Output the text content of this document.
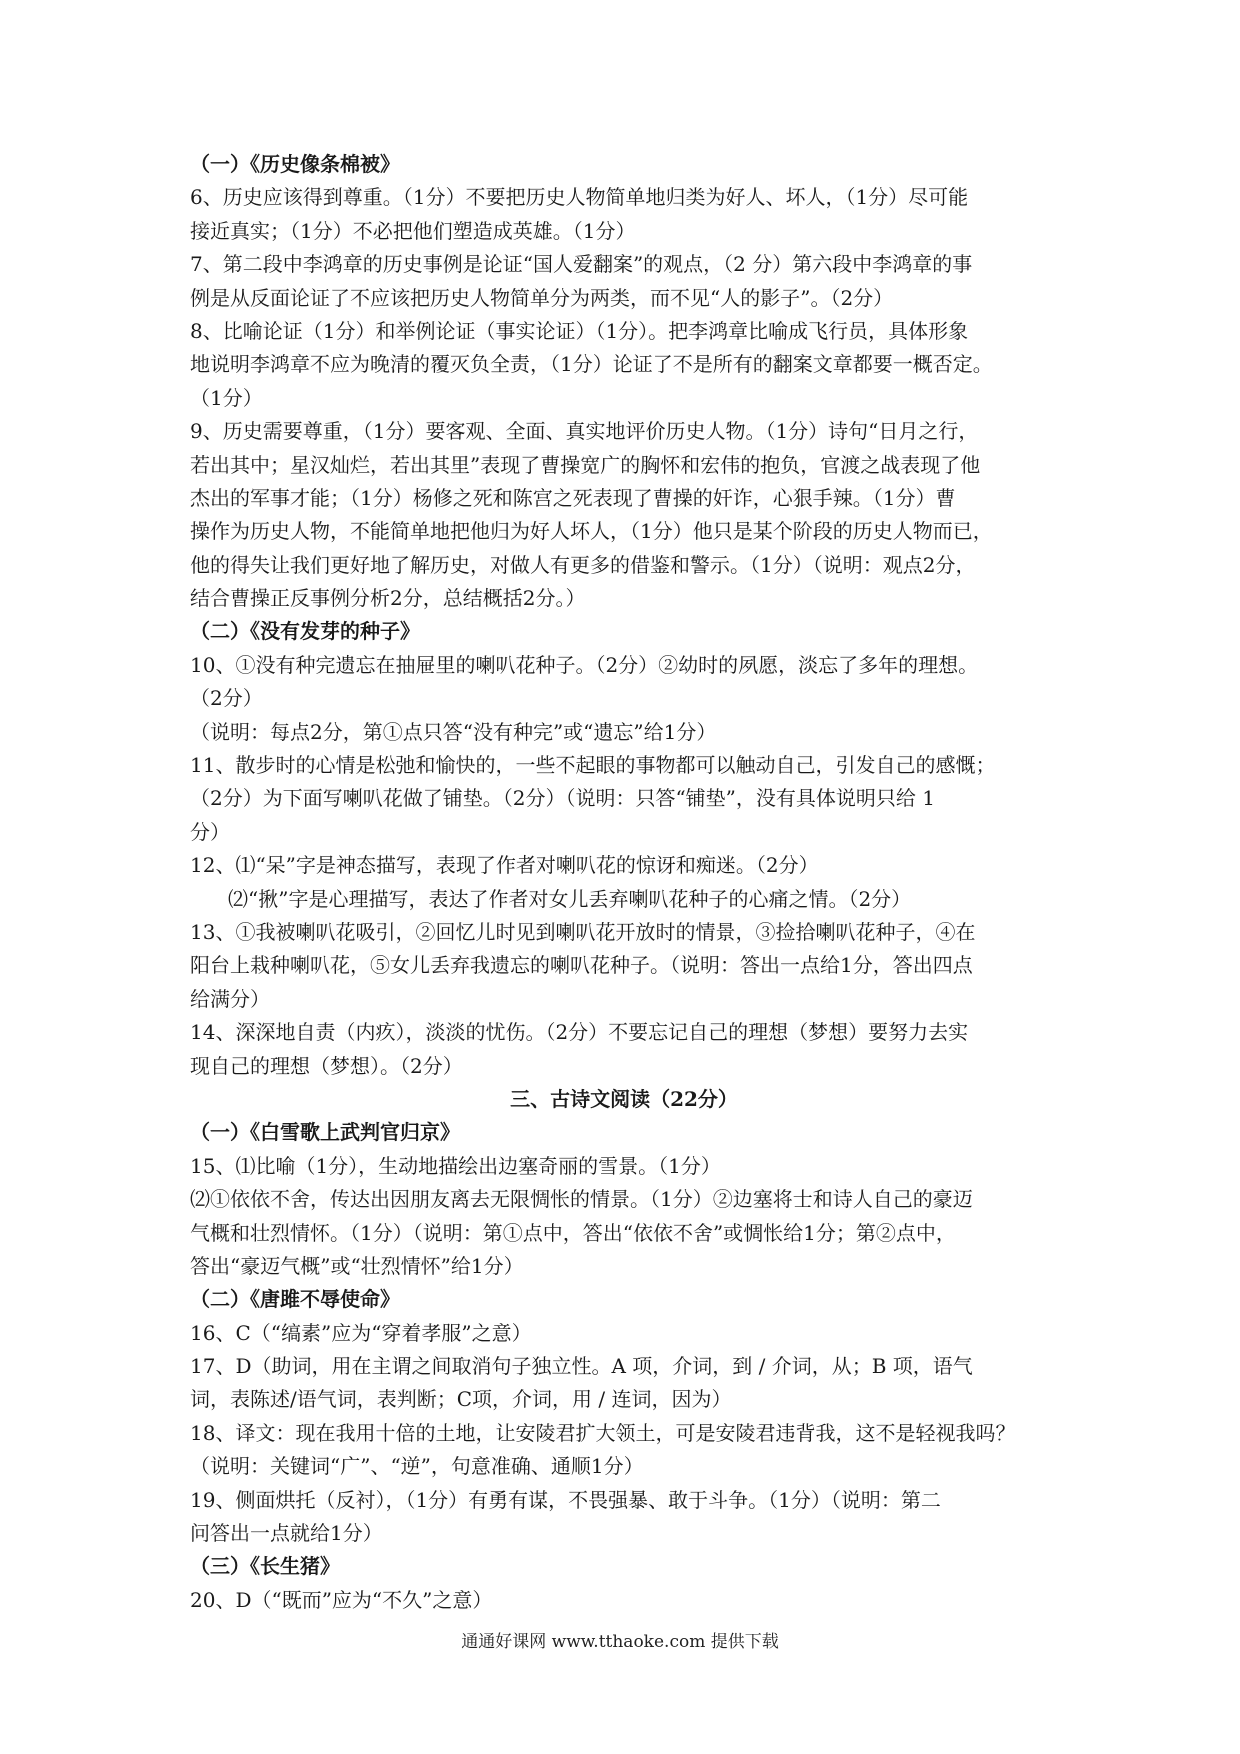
（一）《历史像条棉被》
6、历史应该得到尊重。（1分）不要把历史人物简单地归类为好人、坏人，（1分）尽可能
接近真实；（1分）不必把他们塑造成英雄。（1分）
7、第二段中李鸿章的历史事例是论证“国人爱翻案”的观点，（2 分）第六段中李鸿章的事
例是从反面论证了不应该把历史人物简单分为两类，而不见“人的影子”。（2分）
8、比喻论证（1分）和举例论证（事实论证）（1分）。把李鸿章比喻成飞行员，具体形象
地说明李鸿章不应为晚清的覆灭负全责，（1分）论证了不是所有的翻案文章都要一概否定。
（1分）
9、历史需要尊重，（1分）要客观、全面、真实地评价历史人物。（1分）诗句“日月之行，
若出其中；星汉灿烂，若出其里”表现了曹操宽广的胸怀和宏伟的抱负，官渡之战表现了他
杰出的军事才能；（1分）杨修之死和陈宫之死表现了曹操的奸诈，心狠手辣。（1分）曹
操作为历史人物，不能简单地把他归为好人坏人，（1分）他只是某个阶段的历史人物而已，
他的得失让我们更好地了解历史，对做人有更多的借鉴和警示。（1分）（说明：观点2分，
结合曹操正反事例分析2分，总结概括2分。）
（二）《没有发芽的种子》
10、①没有种完遗忘在抽屉里的喇叭花种子。（2分）②幼时的夙愿，淡忘了多年的理想。
（2分）
（说明：每点2分，第①点只答“没有种完”或“遗忘”给1分）
11、散步时的心情是松弛和愉快的，一些不起眼的事物都可以触动自己，引发自己的感慨；
（2分）为下面写喇叭花做了铺垫。（2分）（说明：只答“铺垫”，没有具体说明只给 1
分）
12、⑴“呆”字是神态描写，表现了作者对喇叭花的惊讶和痴迷。（2分）
⑵“揪”字是心理描写，表达了作者对女儿丢弃喇叭花种子的心痛之情。（2分）
13、①我被喇叭花吸引，②回忆儿时见到喇叭花开放时的情景，③捡拾喇叭花种子，④在
阳台上栽种喇叭花，⑤女儿丢弃我遗忘的喇叭花种子。（说明：答出一点给1分，答出四点
给满分）
14、深深地自责（内疚），淡淡的忧伤。（2分）不要忘记自己的理想（梦想）要努力去实
现自己的理想（梦想）。（2分）
三、古诗文阅读（22分）
（一）《白雪歌上武判官归京》
15、⑴比喻（1分），生动地描绘出边塞奇丽的雪景。（1分）
⑵①依依不舍，传达出因朋友离去无限惆怅的情景。（1分）②边塞将士和诗人自己的豪迈
气概和壮烈情怀。（1分）（说明：第①点中，答出“依依不舍”或惆怅给1分；第②点中，
答出“豪迈气概”或“壮烈情怀”给1分）
（二）《唐雎不辱使命》
16、C（“缟素”应为“穿着孝服”之意）
17、D（助词，用在主谓之间取消句子独立性。A 项，介词，到 / 介词，从；B 项，语气
词，表陈述/语气词，表判断；C项，介词，用 / 连词，因为）
18、译文：现在我用十倍的土地，让安陵君扩大领土，可是安陵君违背我，这不是轻视我吗？
（说明：关键词“广”、“逆”，句意准确、通顺1分）
19、侧面烘托（反衬），（1分）有勇有谋，不畏强暴、敢于斗争。（1分）（说明：第二
问答出一点就给1分）
（三）《长生猪》
20、D（“既而”应为“不久”之意）
通通好课网 www.tthaoke.com 提供下载
